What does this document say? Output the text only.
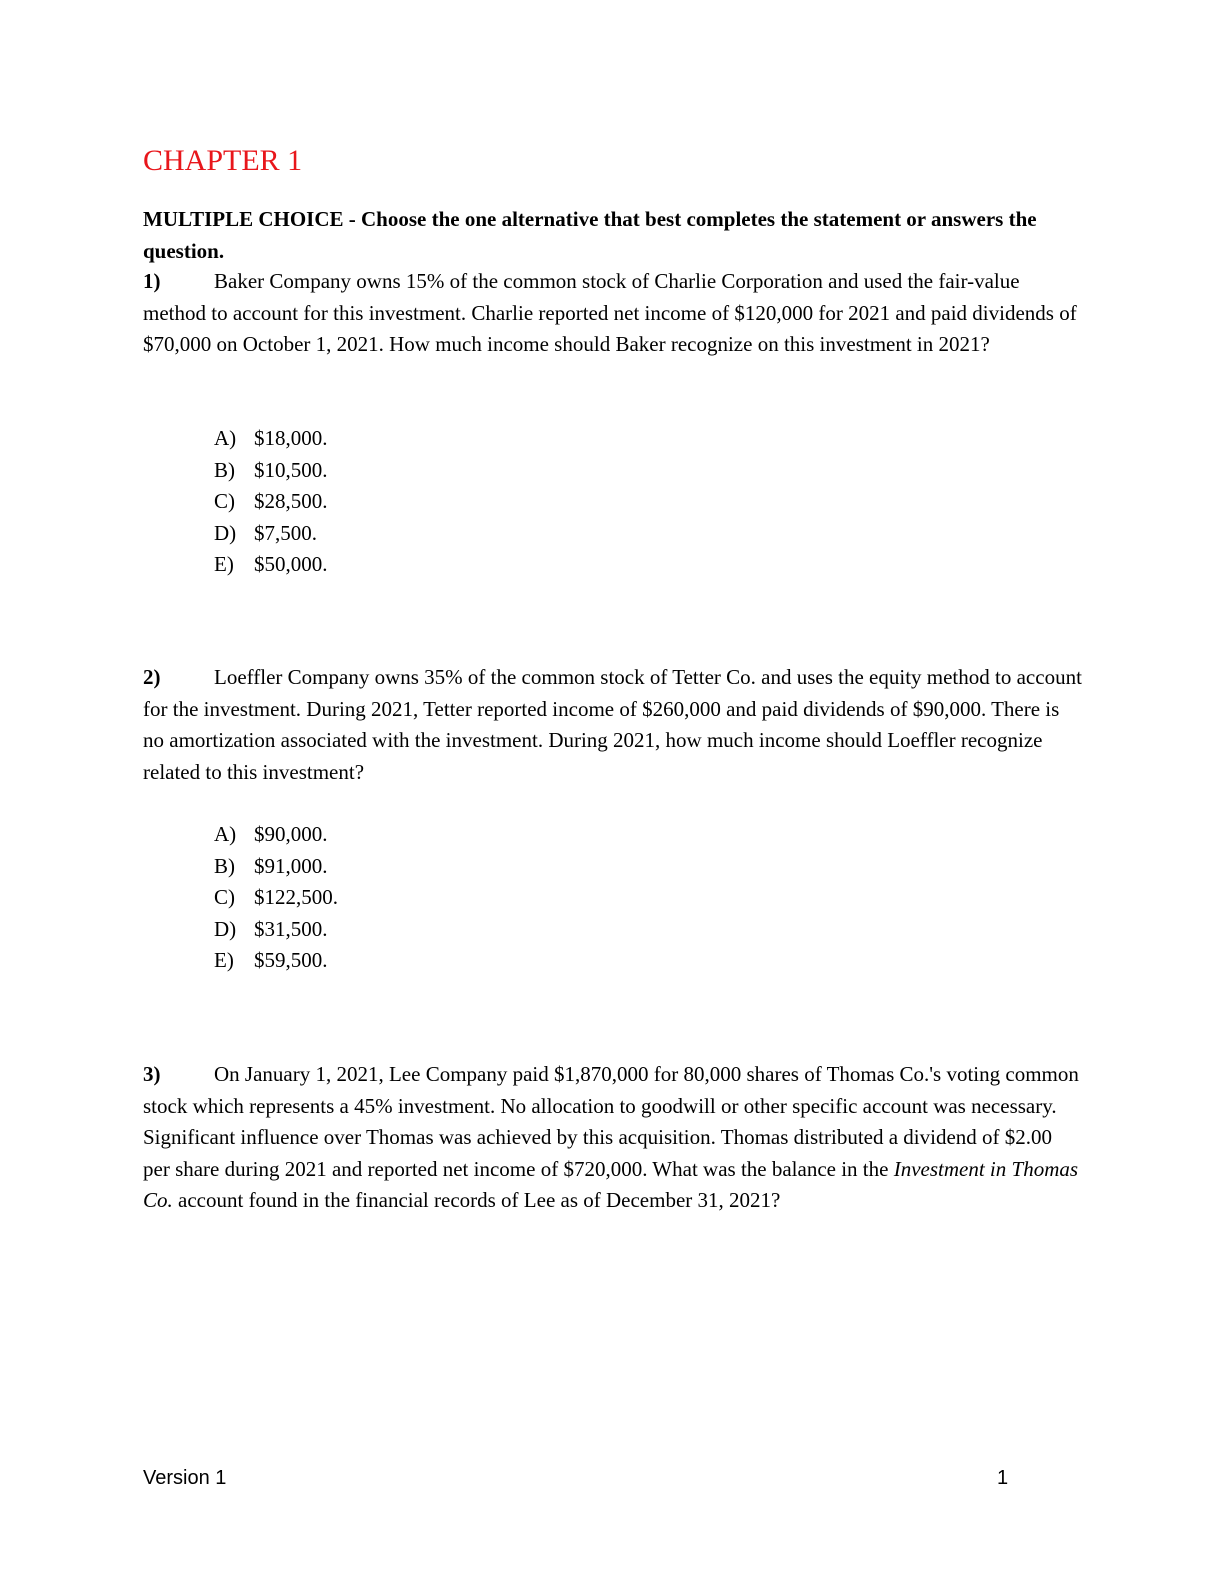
CHAPTER 1
MULTIPLE CHOICE - Choose the one alternative that best completes the statement or answers the question.
1)	Baker Company owns 15% of the common stock of Charlie Corporation and used the fair-value method to account for this investment. Charlie reported net income of $120,000 for 2021 and paid dividends of $70,000 on October 1, 2021. How much income should Baker recognize on this investment in 2021?
A) $18,000.
B) $10,500.
C) $28,500.
D) $7,500.
E) $50,000.
2)	Loeffler Company owns 35% of the common stock of Tetter Co. and uses the equity method to account for the investment. During 2021, Tetter reported income of $260,000 and paid dividends of $90,000. There is no amortization associated with the investment. During 2021, how much income should Loeffler recognize related to this investment?
A) $90,000.
B) $91,000.
C) $122,500.
D) $31,500.
E) $59,500.
3)	On January 1, 2021, Lee Company paid $1,870,000 for 80,000 shares of Thomas Co.'s voting common stock which represents a 45% investment. No allocation to goodwill or other specific account was necessary. Significant influence over Thomas was achieved by this acquisition. Thomas distributed a dividend of $2.00 per share during 2021 and reported net income of $720,000. What was the balance in the Investment in Thomas Co. account found in the financial records of Lee as of December 31, 2021?
Version 1	1
